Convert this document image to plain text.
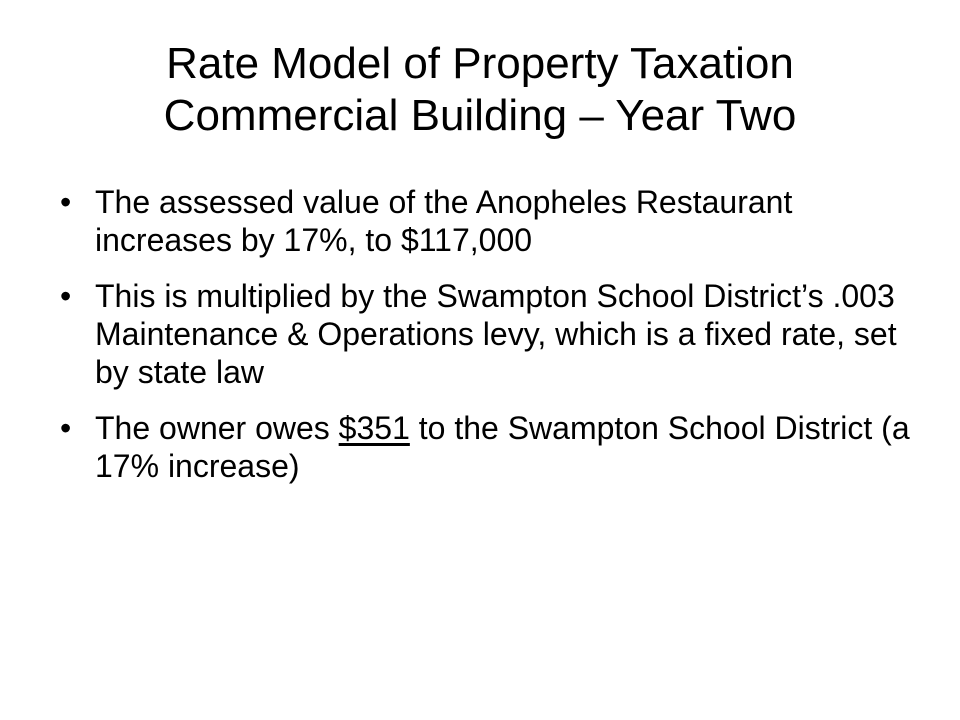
Rate Model of Property Taxation
Commercial Building – Year Two
• The assessed value of the Anopheles Restaurant increases by 17%, to $117,000
• This is multiplied by the Swampton School District’s .003 Maintenance & Operations levy, which is a fixed rate, set by state law
• The owner owes $351 to the Swampton School District (a 17% increase)
